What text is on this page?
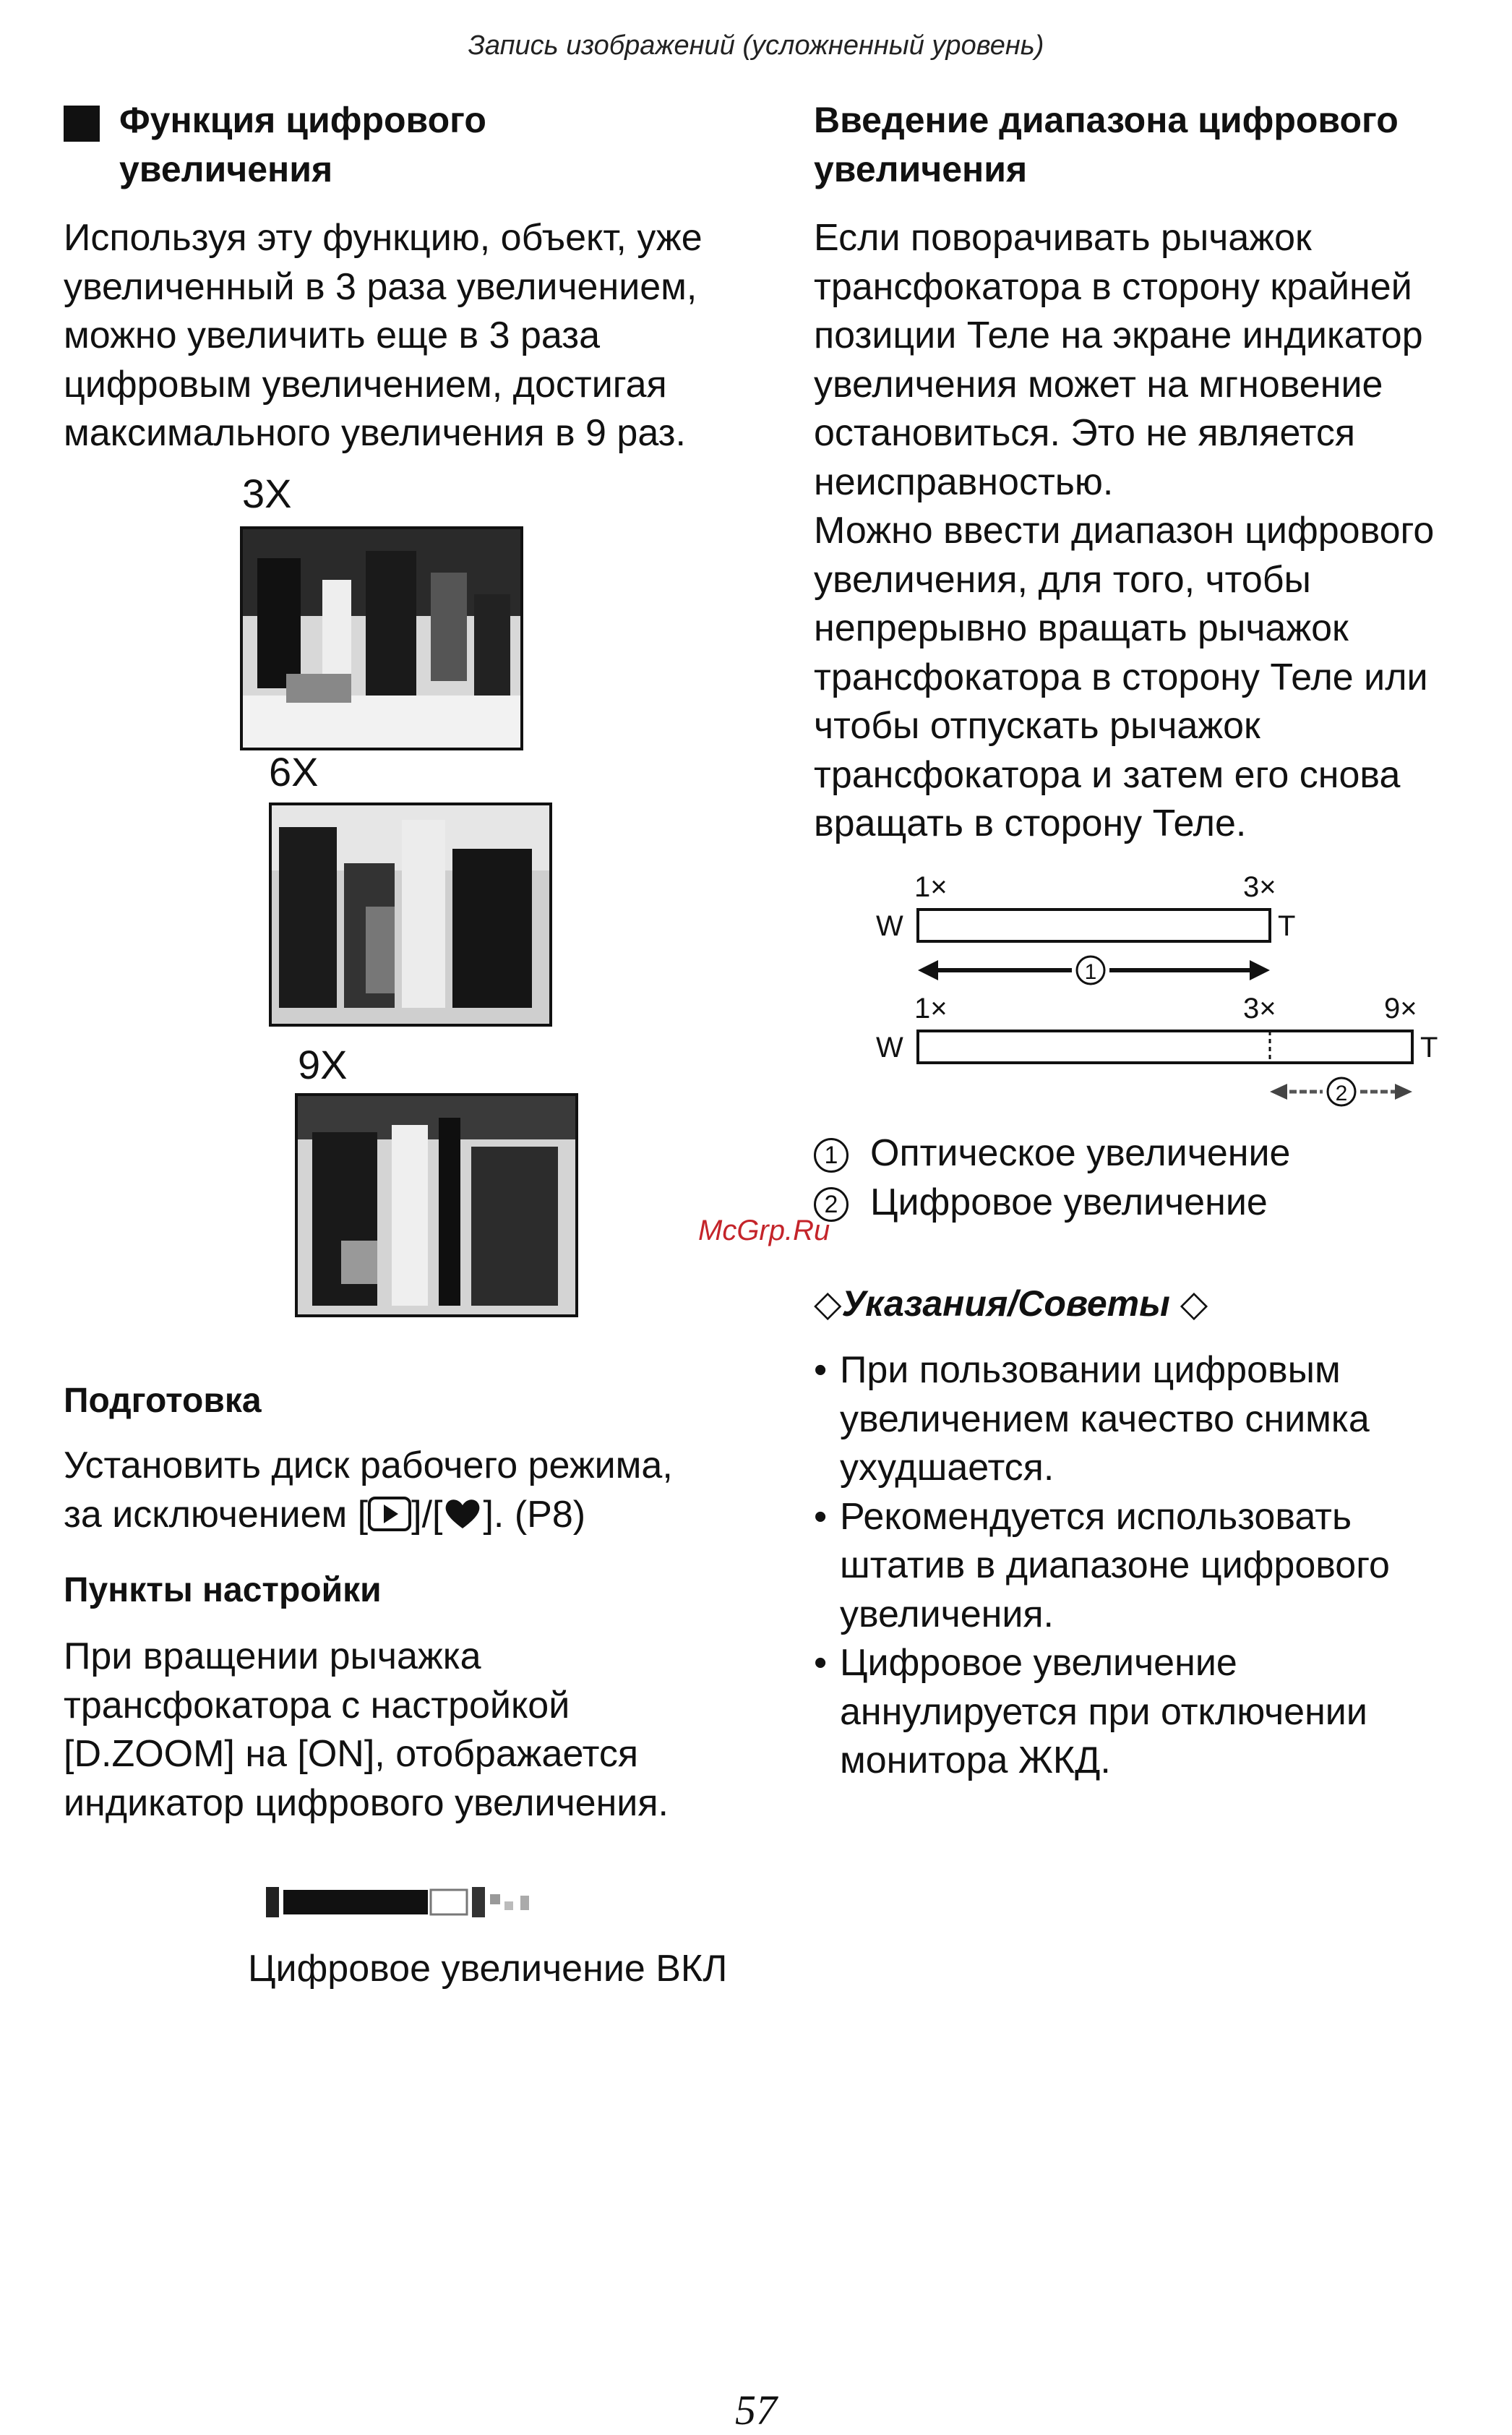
Запись изображений (усложненный уровень)
Функция цифрового
увеличения
Используя эту функцию, объект, уже
увеличенный в 3 раза увеличением,
можно увеличить еще в 3 раза
цифровым увеличением, достигая
максимального увеличения в 9 раз.
3X
6X
9X
Подготовка
Установить диск рабочего режима,
за исключением [ ]/[ ]. (P8)
Пункты настройки
При вращении рычажка
трансфокатора с настройкой
[D.ZOOM] на [ON], отображается
индикатор цифрового увеличения.
Цифровое увеличение ВКЛ
Введение диапазона цифрового
увеличения
Если поворачивать рычажок
трансфокатора в сторону крайней
позиции Теле на экране индикатор
увеличения может на мгновение
остановиться. Это не является
неисправностью.
Можно ввести диапазон цифрового
увеличения, для того, чтобы
непрерывно вращать рычажок
трансфокатора в сторону Теле или
чтобы отпускать рычажок
трансфокатора и затем его снова
вращать в сторону Теле.
1×	3×
W	T
1
1×	3×	9×
W	T
2
1 Оптическое увеличение
2 Цифровое увеличение
McGrp.Ru
◇Указания/Советы ◇
• При пользовании цифровым
увеличением качество снимка
ухудшается.
• Рекомендуется использовать
штатив в диапазоне цифрового
увеличения.
• Цифровое увеличение
аннулируется при отключении
монитора ЖКД.
57
